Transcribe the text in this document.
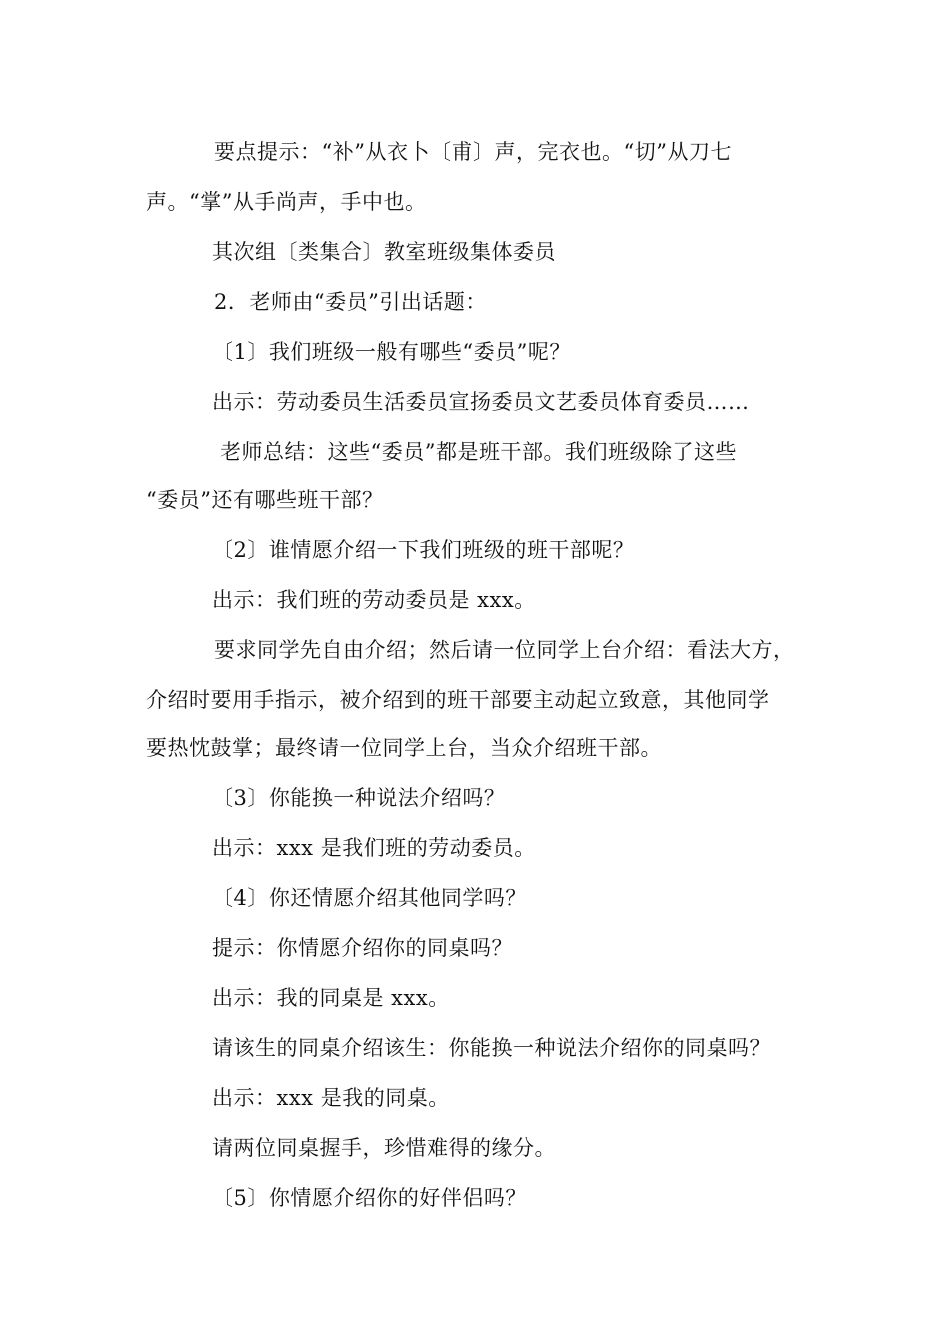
要点提示：“补”从衣卜〔甫〕声，完衣也。“切”从刀七
声。“掌”从手尚声，手中也。
其次组〔类集合〕教室班级集体委员
2．老师由“委员”引出话题：
〔1〕我们班级一般有哪些“委员”呢？
出示：劳动委员生活委员宣扬委员文艺委员体育委员……
老师总结：这些“委员”都是班干部。我们班级除了这些
“委员”还有哪些班干部？
〔2〕谁情愿介绍一下我们班级的班干部呢？
出示：我们班的劳动委员是 xxx。
要求同学先自由介绍；然后请一位同学上台介绍：看法大方，
介绍时要用手指示，被介绍到的班干部要主动起立致意，其他同学
要热忱鼓掌；最终请一位同学上台，当众介绍班干部。
〔3〕你能换一种说法介绍吗？
出示：xxx 是我们班的劳动委员。
〔4〕你还情愿介绍其他同学吗？
提示：你情愿介绍你的同桌吗？
出示：我的同桌是 xxx。
请该生的同桌介绍该生：你能换一种说法介绍你的同桌吗？
出示：xxx 是我的同桌。
请两位同桌握手，珍惜难得的缘分。
〔5〕你情愿介绍你的好伴侣吗？
